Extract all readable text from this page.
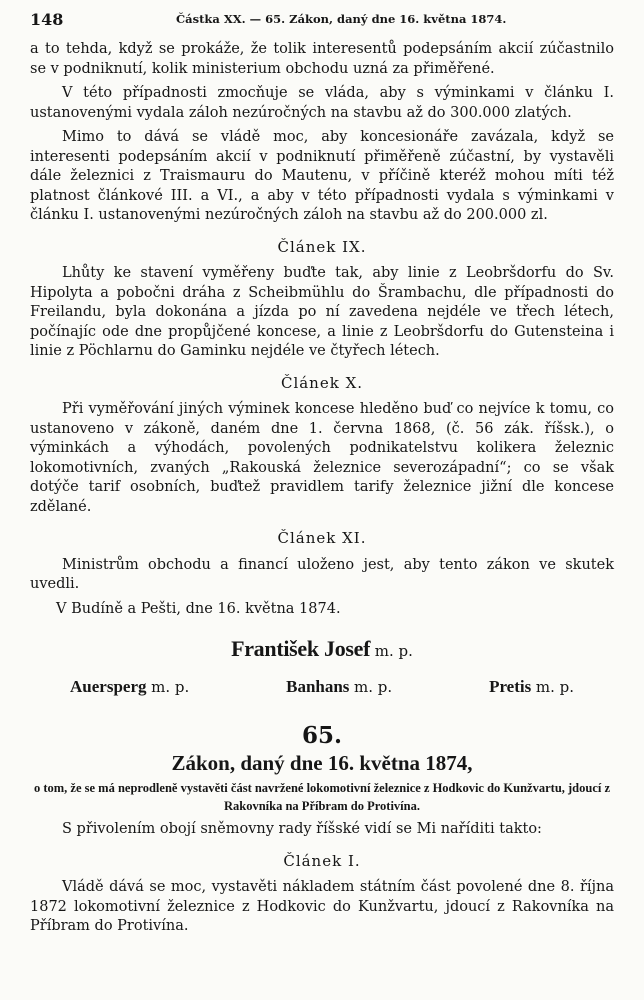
148	Částka XX. — 65. Zákon, daný dne 16. května 1874.

a to tehda, když se prokáže, že tolik interesentů podepsáním akcií zúčastnilo se v podniknutí, kolik ministerium obchodu uzná za přiměřené.

V této případnosti zmocňuje se vláda, aby s výminkami v článku I. ustanovenými vydala záloh nezúročných na stavbu až do 300.000 zlatých.

Mimo to dává se vládě moc, aby koncesionáře zavázala, když se interesenti podepsáním akcií v podniknutí přiměřeně zúčastní, by vystavěli dále železnici z Traismauru do Mautenu, v příčině kteréž mohou míti též platnost článkové III. a VI., a aby v této případnosti vydala s výminkami v článku I. ustanovenými nezúročných záloh na stavbu až do 200.000 zl.

Článek IX.

Lhůty ke stavení vyměřeny buďte tak, aby linie z Leobršdorfu do Sv. Hipolyta a pobočni dráha z Scheibmühlu do Šrambachu, dle případnosti do Freilandu, byla dokonána a jízda po ní zavedena nejdéle ve třech létech, počínajíc ode dne propůjčené koncese, a linie z Leobršdorfu do Gutensteina i linie z Pöchlarnu do Gaminku nejdéle ve čtyřech létech.

Článek X.

Při vyměřování jiných výminek koncese hleděno buď co nejvíce k tomu, co ustanoveno v zákoně, daném dne 1. června 1868, (č. 56 zák. říšsk.), o výminkách a výhodách, povolených podnikatelstvu kolikera železnic lokomotivních, zvaných „Rakouská železnice severozápadní“; co se však dotýče tarif osobních, buďtež pravidlem tarify železnice jižní dle koncese zdělané.

Článek XI.

Ministrům obchodu a financí uloženo jest, aby tento zákon ve skutek uvedli.

V Budíně a Pešti, dne 16. května 1874.

František Josef m. p.
Auersperg m. p.	Banhans m. p.	Pretis m. p.
65.
Zákon, daný dne 16. května 1874,
o tom, že se má neprodleně vystavěti část navržené lokomotivní železnice z Hodkovic do Kunžvartu, jdoucí z Rakovníka na Příbram do Protivína.

S přivolením obojí sněmovny rady říšské vidí se Mi naříditi takto:

Článek I.

Vládě dává se moc, vystavěti nákladem státním část povolené dne 8. října 1872 lokomotivní železnice z Hodkovic do Kunžvartu, jdoucí z Rakovníka na Příbram do Protivína.
